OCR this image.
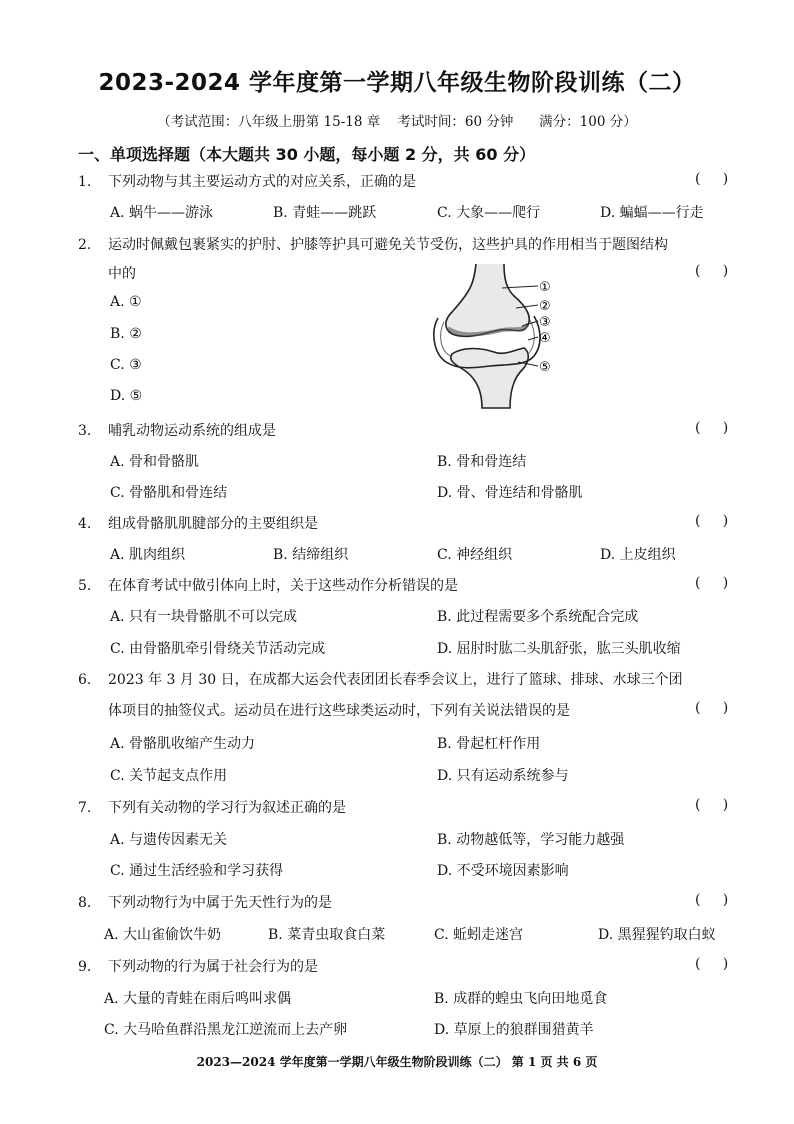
2023-2024 学年度第一学期八年级生物阶段训练（二）
（考试范围：八年级上册第 15-18 章    考试时间：60 分钟      满分：100 分）
一、单项选择题（本大题共 30 小题，每小题 2 分，共 60 分）
1. 下列动物与其主要运动方式的对应关系，正确的是	(     )
A. 蜗牛——游泳	B. 青蛙——跳跃	C. 大象——爬行	D. 蝙蝠——行走
2. 运动时佩戴包裹紧实的护肘、护膝等护具可避免关节受伤，这些护具的作用相当于题图结构
中的	(     )
A. ①
B. ②
C. ③
D. ⑤
①
②
③
④
⑤
3. 哺乳动物运动系统的组成是	(     )
A. 骨和骨骼肌	B. 骨和骨连结
C. 骨骼肌和骨连结	D. 骨、骨连结和骨骼肌
4. 组成骨骼肌肌腱部分的主要组织是	(     )
A. 肌肉组织	B. 结缔组织	C. 神经组织	D. 上皮组织
5. 在体育考试中做引体向上时，关于这些动作分析错误的是	(     )
A. 只有一块骨骼肌不可以完成	B. 此过程需要多个系统配合完成
C. 由骨骼肌牵引骨绕关节活动完成	D. 屈肘时肱二头肌舒张，肱三头肌收缩
6. 2023 年 3 月 30 日，在成都大运会代表团团长春季会议上，进行了篮球、排球、水球三个团
体项目的抽签仪式。运动员在进行这些球类运动时，下列有关说法错误的是	(     )
A. 骨骼肌收缩产生动力	B. 骨起杠杆作用
C. 关节起支点作用	D. 只有运动系统参与
7. 下列有关动物的学习行为叙述正确的是	(     )
A. 与遗传因素无关	B. 动物越低等，学习能力越强
C. 通过生活经验和学习获得	D. 不受环境因素影响
8. 下列动物行为中属于先天性行为的是	(     )
A. 大山雀偷饮牛奶	B. 菜青虫取食白菜	C. 蚯蚓走迷宫	D. 黑猩猩钓取白蚁
9. 下列动物的行为属于社会行为的是	(     )
A. 大量的青蛙在雨后鸣叫求偶	B. 成群的蝗虫飞向田地觅食
C. 大马哈鱼群沿黑龙江逆流而上去产卵	D. 草原上的狼群围猎黄羊
2023—2024 学年度第一学期八年级生物阶段训练（二） 第 1 页 共 6 页
